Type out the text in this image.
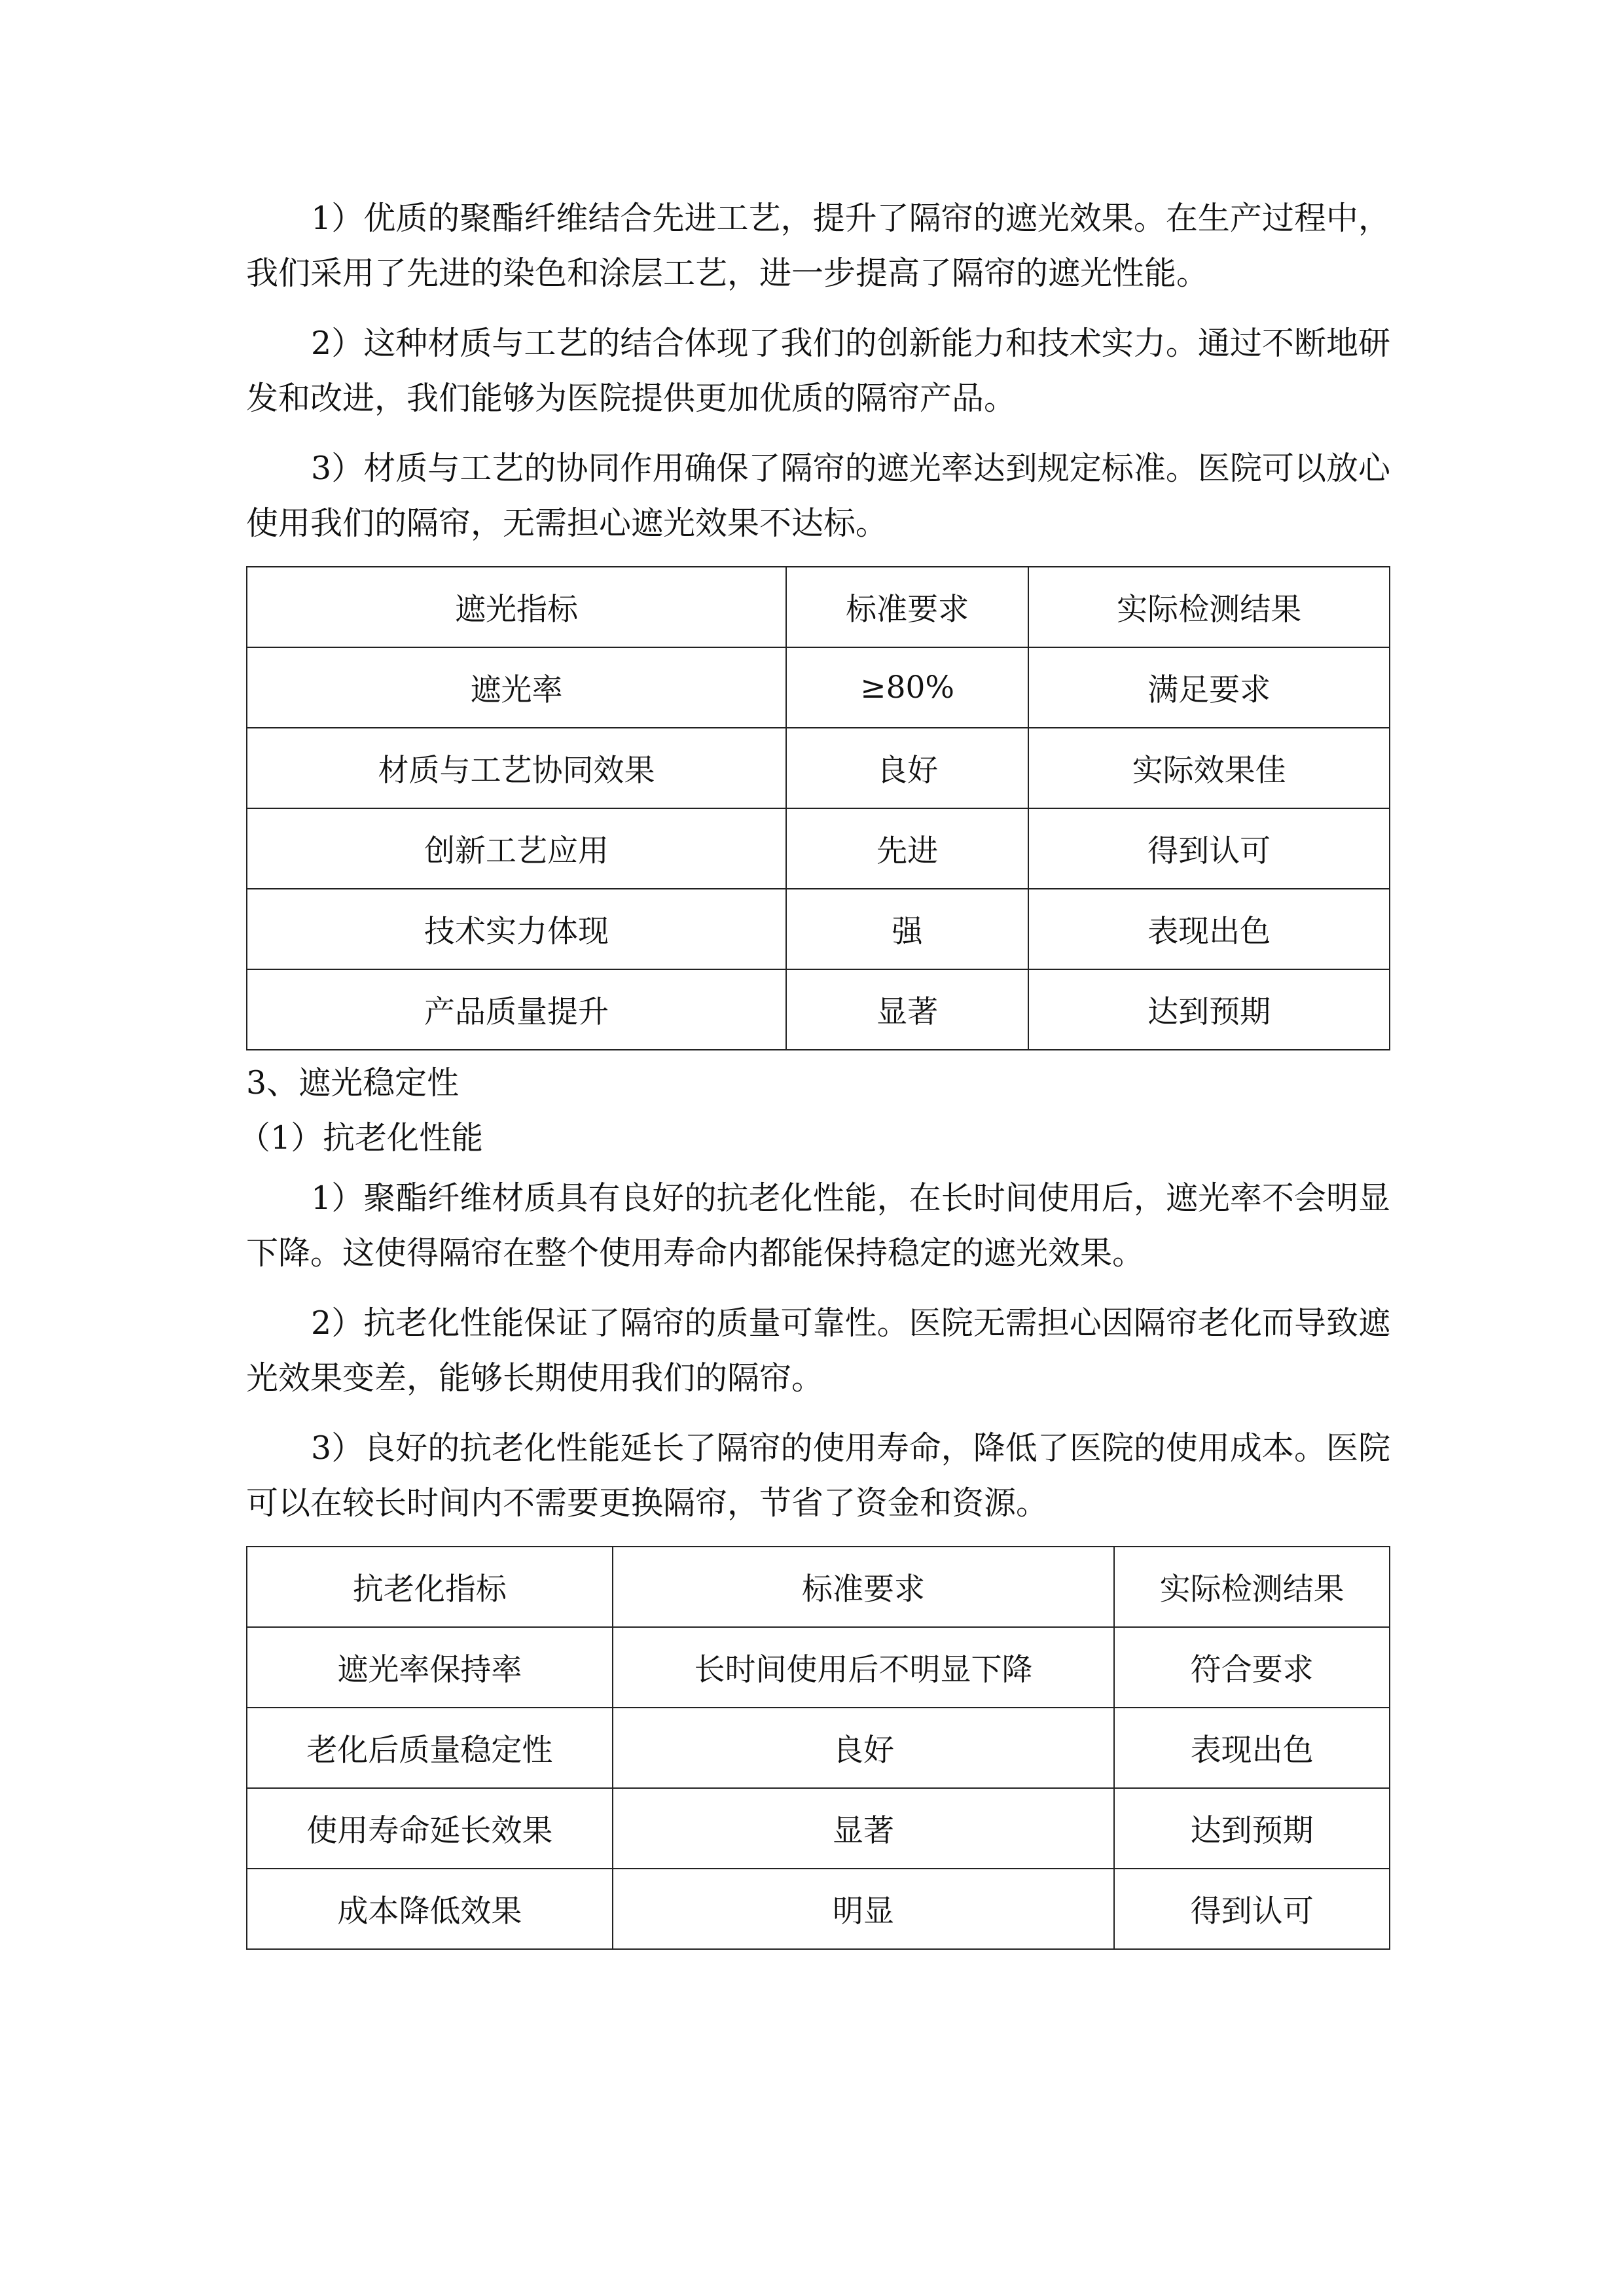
1）优质的聚酯纤维结合先进工艺，提升了隔帘的遮光效果。在生产过程中，我们采用了先进的染色和涂层工艺，进一步提高了隔帘的遮光性能。

2）这种材质与工艺的结合体现了我们的创新能力和技术实力。通过不断地研发和改进，我们能够为医院提供更加优质的隔帘产品。

3）材质与工艺的协同作用确保了隔帘的遮光率达到规定标准。医院可以放心使用我们的隔帘，无需担心遮光效果不达标。

遮光指标	标准要求	实际检测结果
遮光率	≥80%	满足要求
材质与工艺协同效果	良好	实际效果佳
创新工艺应用	先进	得到认可
技术实力体现	强	表现出色
产品质量提升	显著	达到预期
3、遮光稳定性
（1）抗老化性能

1）聚酯纤维材质具有良好的抗老化性能，在长时间使用后，遮光率不会明显下降。这使得隔帘在整个使用寿命内都能保持稳定的遮光效果。

2）抗老化性能保证了隔帘的质量可靠性。医院无需担心因隔帘老化而导致遮光效果变差，能够长期使用我们的隔帘。

3）良好的抗老化性能延长了隔帘的使用寿命，降低了医院的使用成本。医院可以在较长时间内不需要更换隔帘，节省了资金和资源。

抗老化指标	标准要求	实际检测结果
遮光率保持率	长时间使用后不明显下降	符合要求
老化后质量稳定性	良好	表现出色
使用寿命延长效果	显著	达到预期
成本降低效果	明显	得到认可
